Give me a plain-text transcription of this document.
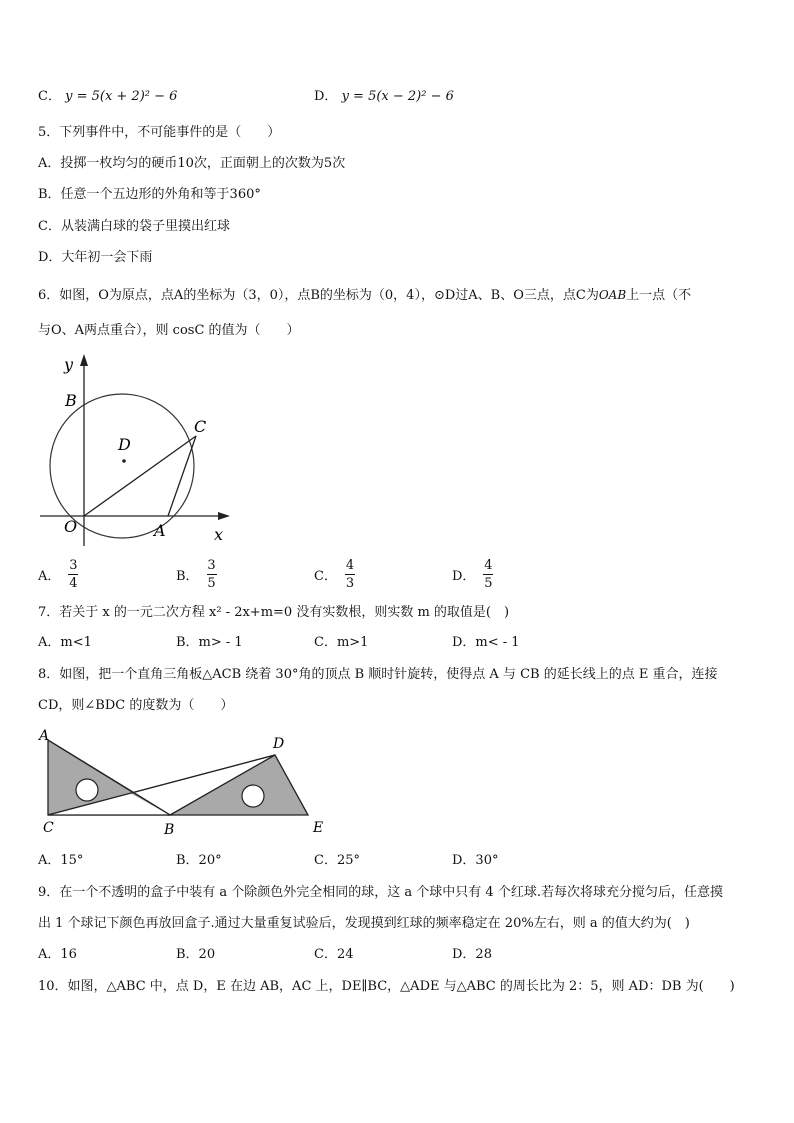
C． y = 5(x + 2)² − 6	D． y = 5(x − 2)² − 6
5．下列事件中，不可能事件的是（　　）
A．投掷一枚均匀的硬币10次，正面朝上的次数为5次
B．任意一个五边形的外角和等于360°
C．从装满白球的袋子里摸出红球
D．大年初一会下雨
6．如图，O为原点，点A的坐标为（3，0），点B的坐标为（0，4），⊙D过A、B、O三点，点C为OAB上一点（不
与O、A两点重合），则 cosC 的值为（　　）
y
x
B
D
C
O	A
A．
3
4	B．
3
5	C．
4
3	D．
4
5
7．若关于 x 的一元二次方程 x² - 2x+m=0 没有实数根，则实数 m 的取值是(　)
A．m<1	B．m> - 1	C．m>1	D．m< - 1
8．如图，把一个直角三角板△ACB 绕着 30°角的顶点 B 顺时针旋转，使得点 A 与 CB 的延长线上的点 E 重合，连接
CD，则∠BDC 的度数为（　　）
A	D
C	B	E
A．15°	B．20°	C．25°	D．30°
9．在一个不透明的盒子中装有 a 个除颜色外完全相同的球，这 a 个球中只有 4 个红球.若每次将球充分搅匀后，任意摸
出 1 个球记下颜色再放回盒子.通过大量重复试验后，发现摸到红球的频率稳定在 20%左右，则 a 的值大约为(　)
A．16	B．20	C．24	D．28
10．如图，△ABC 中，点 D，E 在边 AB，AC 上，DE∥BC，△ADE 与△ABC 的周长比为 2：5，则 AD：DB 为(　　)
